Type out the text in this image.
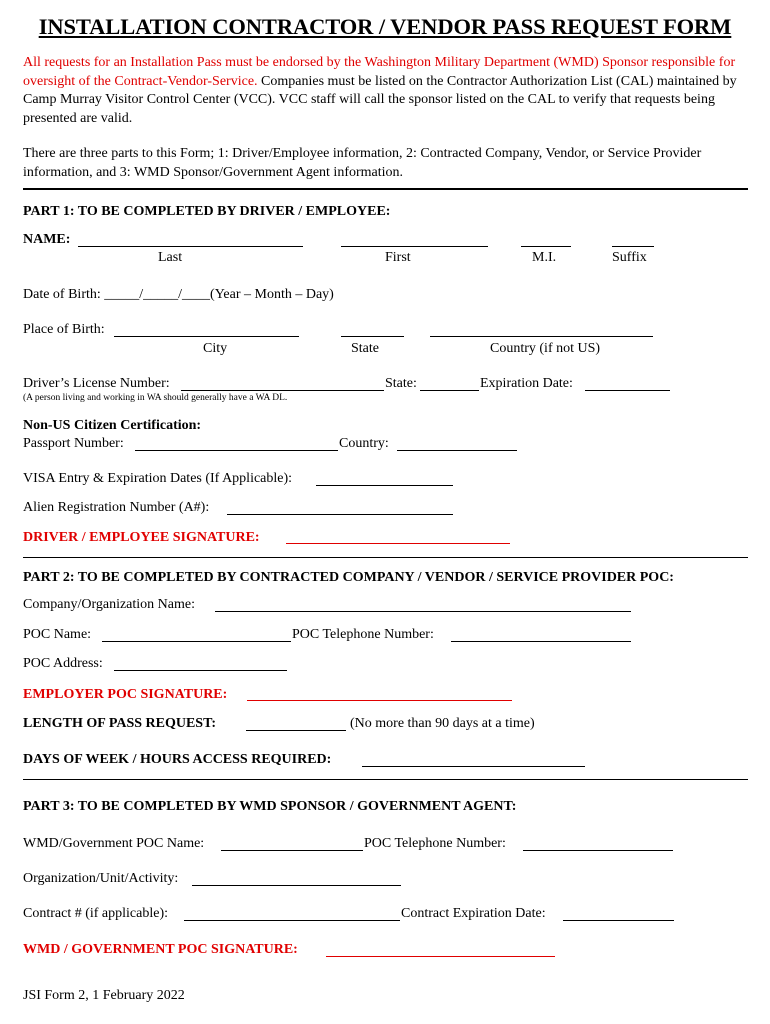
INSTALLATION CONTRACTOR / VENDOR PASS REQUEST FORM
All requests for an Installation Pass must be endorsed by the Washington Military Department (WMD) Sponsor responsible for oversight of the Contract-Vendor-Service. Companies must be listed on the Contractor Authorization List (CAL) maintained by Camp Murray Visitor Control Center (VCC). VCC staff will call the sponsor listed on the CAL to verify that requests being presented are valid.
There are three parts to this Form; 1: Driver/Employee information, 2: Contracted Company, Vendor, or Service Provider information, and 3: WMD Sponsor/Government Agent information.
PART 1: TO BE COMPLETED BY DRIVER / EMPLOYEE:
NAME:
Last	First	M.I.	Suffix
Date of Birth: _____/_____/____(Year – Month – Day)
Place of Birth:
City	State	Country (if not US)
Driver’s License Number:	State:	Expiration Date:
(A person living and working in WA should generally have a WA DL.
Non-US Citizen Certification:
Passport Number:	Country:
VISA Entry & Expiration Dates (If Applicable):
Alien Registration Number (A#):
DRIVER / EMPLOYEE SIGNATURE:
PART 2: TO BE COMPLETED BY CONTRACTED COMPANY / VENDOR / SERVICE PROVIDER POC:
Company/Organization Name:
POC Name:	POC Telephone Number:
POC Address:
EMPLOYER POC SIGNATURE:
LENGTH OF PASS REQUEST:	(No more than 90 days at a time)
DAYS OF WEEK / HOURS ACCESS REQUIRED:
PART 3: TO BE COMPLETED BY WMD SPONSOR / GOVERNMENT AGENT:
WMD/Government POC Name:	POC Telephone Number:
Organization/Unit/Activity:
Contract # (if applicable):	Contract Expiration Date:
WMD / GOVERNMENT POC SIGNATURE:
JSI Form 2, 1 February 2022
